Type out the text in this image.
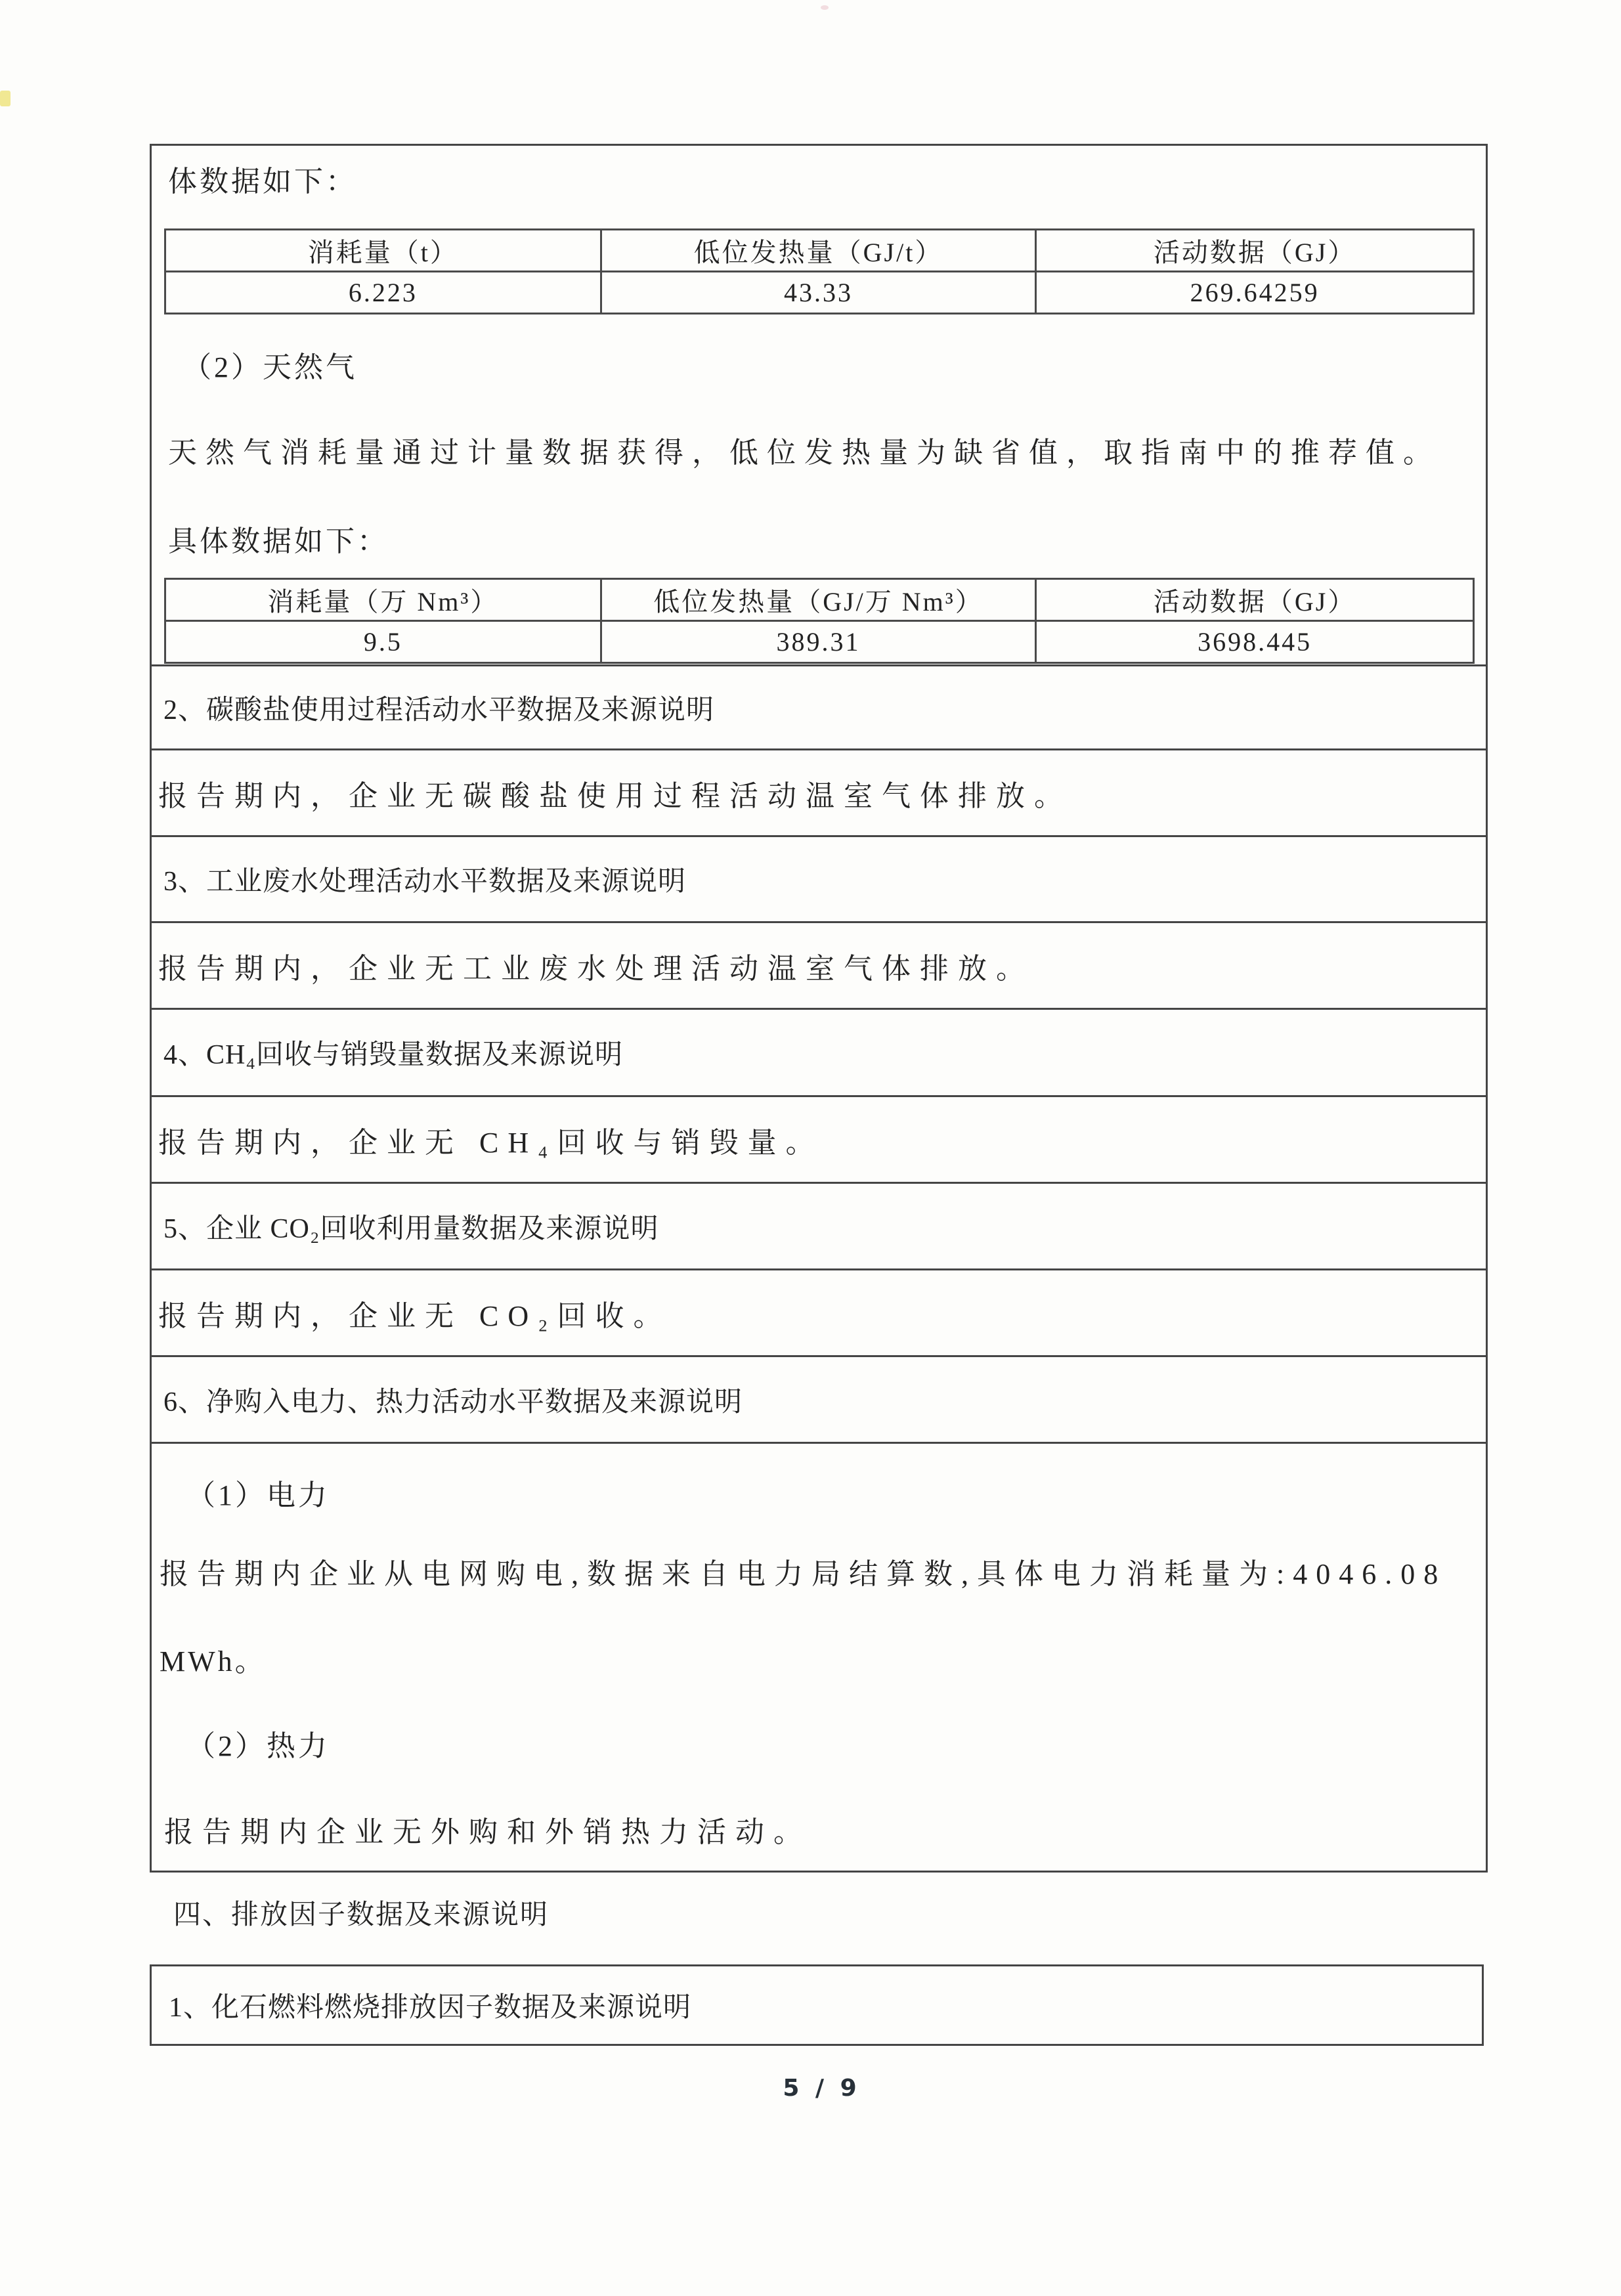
体数据如下：
消耗量（t）	低位发热量（GJ/t）	活动数据（GJ）
6.223	43.33	269.64259
（2）天然气
天然气消耗量通过计量数据获得，低位发热量为缺省值，取指南中的推荐值。
具体数据如下：
消耗量（万 Nm³）	低位发热量（GJ/万 Nm³）	活动数据（GJ）
9.5	389.31	3698.445
2、碳酸盐使用过程活动水平数据及来源说明
报告期内，企业无碳酸盐使用过程活动温室气体排放。
3、工业废水处理活动水平数据及来源说明
报告期内，企业无工业废水处理活动温室气体排放。
4、CH₄回收与销毁量数据及来源说明
报告期内，企业无 CH₄回收与销毁量。
5、企业 CO₂回收利用量数据及来源说明
报告期内，企业无 CO₂回收。
6、净购入电力、热力活动水平数据及来源说明
（1）电力
报告期内企业从电网购电,数据来自电力局结算数,具体电力消耗量为:4046.08
MWh。
（2）热力
报告期内企业无外购和外销热力活动。
四、排放因子数据及来源说明
1、化石燃料燃烧排放因子数据及来源说明
5 / 9
